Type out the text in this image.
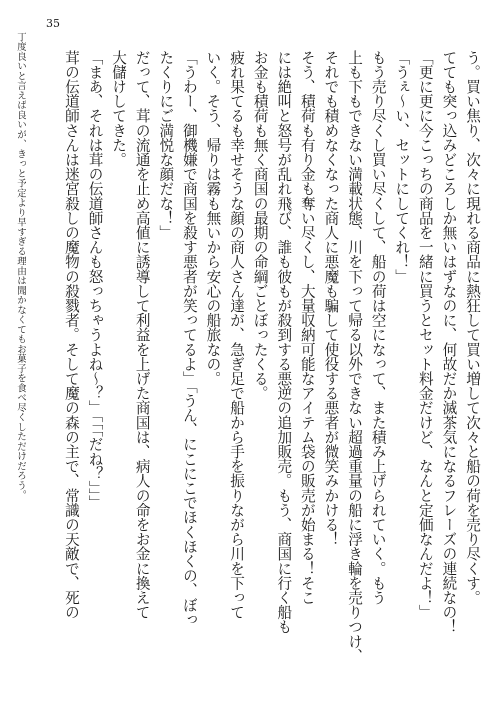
35
丁度良いと言えば良いが、きっと予定より早すぎる理由は聞かなくてもお菓子を食べ尽くしただけだろう。	う。買い焦り、次々に現れる商品に熱狂して買い増して次々と船の荷を売り尽くす。
てても突っ込みどころしか無いはずなのに、何故だか滅茶気になるフレーズの連続なの！
「更に更に今こっちの商品を一緒に買うとセット料金だけど、なんと定価なんだよ！」
「うぇ～い、セットにしてくれ！」
もう売り尽くし買い尽くして、船の荷は空になって、また積み上げられていく。もう
上も下もできない満載状態、川を下って帰る以外できない超過重量の船に浮き輪を売りつけ、
それでも積めなくなった商人に悪魔も騙して使役する悪者が微笑みかける！
そう、積荷も有り金も奪い尽くし、大量収納可能なアイテム袋の販売が始まる！そこ
には絶叫と怒号が乱れ飛び、誰も彼もが殺到する悪逆の追加販売。もう、商国に行く船も
お金も積荷も無く商国の最期の命綱ごとぼったくる。
疲れ果てるも幸せそうな顔の商人さん達が、急ぎ足で船から手を振りながら川を下って
いく。そう、帰りは霧も無いから安心の船旅なの。
「うわー、御機嫌で商国を殺す悪者が笑ってるよ」「うん、にこにこでほくほくの、ぼっ
たくりにご満悦な顔だな！」
だって、茸の流通を止め高値に誘導して利益を上げた商国は、病人の命をお金に換えて
大儲けしてきた。
「まあ、それは茸の伝道師さんも怒っちゃうよね～？」「「「だね？」」」
茸の伝道師さんは迷宮殺しの魔物の殺戮者。そして魔の森の主で、常識の天敵で、死の
